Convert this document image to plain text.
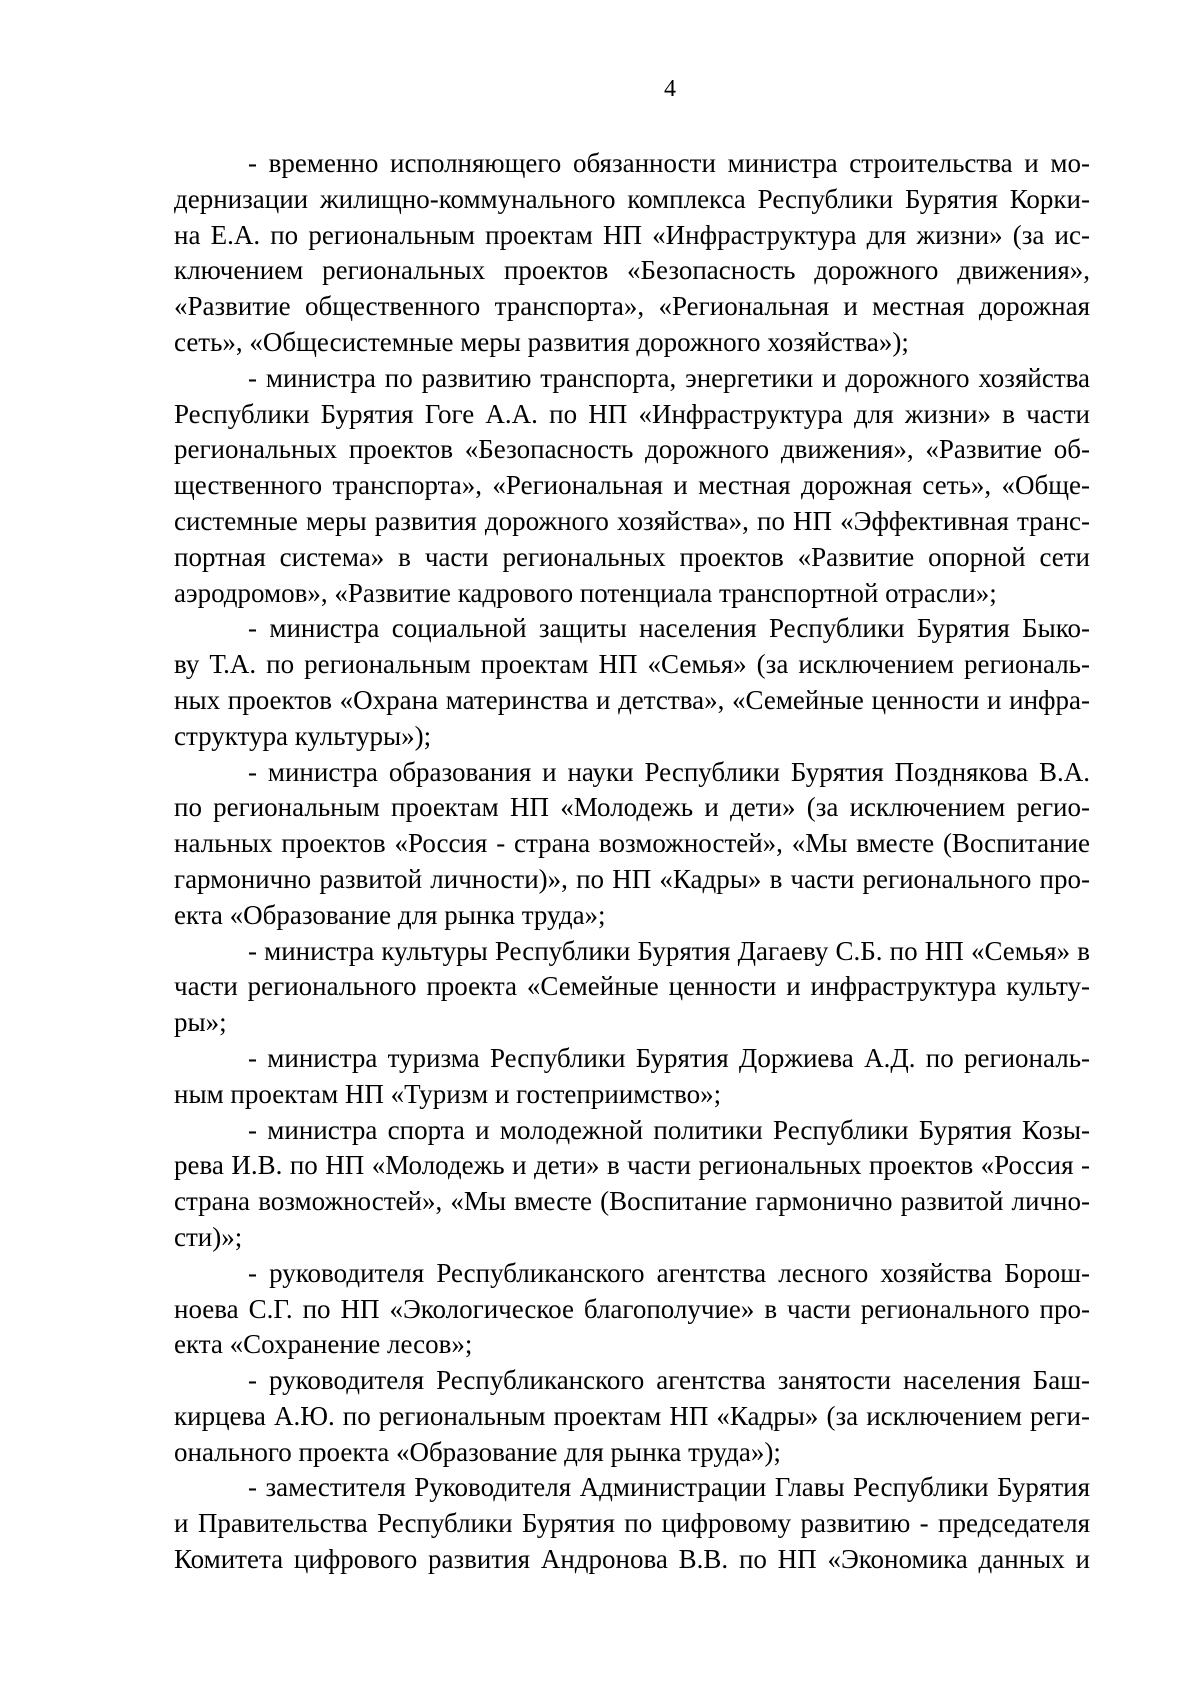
4
- временно исполняющего обязанности министра строительства и мо-
дернизации жилищно-коммунального комплекса Республики Бурятия Корки-
на Е.А. по региональным проектам НП «Инфраструктура для жизни» (за ис-
ключением региональных проектов «Безопасность дорожного движения»,
«Развитие общественного транспорта», «Региональная и местная дорожная
сеть», «Общесистемные меры развития дорожного хозяйства»);
- министра по развитию транспорта, энергетики и дорожного хозяйства
Республики Бурятия Гоге А.А. по НП «Инфраструктура для жизни» в части
региональных проектов «Безопасность дорожного движения», «Развитие об-
щественного транспорта», «Региональная и местная дорожная сеть», «Обще-
системные меры развития дорожного хозяйства», по НП «Эффективная транс-
портная система» в части региональных проектов «Развитие опорной сети
аэродромов», «Развитие кадрового потенциала транспортной отрасли»;
- министра социальной защиты населения Республики Бурятия Быко-
ву Т.А. по региональным проектам НП «Семья» (за исключением региональ-
ных проектов «Охрана материнства и детства», «Семейные ценности и инфра-
структура культуры»);
- министра образования и науки Республики Бурятия Позднякова В.А.
по региональным проектам НП «Молодежь и дети» (за исключением регио-
нальных проектов «Россия - страна возможностей», «Мы вместе (Воспитание
гармонично развитой личности)», по НП «Кадры» в части регионального про-
екта «Образование для рынка труда»;
- министра культуры Республики Бурятия Дагаеву С.Б. по НП «Семья» в
части регионального проекта «Семейные ценности и инфраструктура культу-
ры»;
- министра туризма Республики Бурятия Доржиева А.Д. по региональ-
ным проектам НП «Туризм и гостеприимство»;
- министра спорта и молодежной политики Республики Бурятия Козы-
рева И.В. по НП «Молодежь и дети» в части региональных проектов «Россия -
страна возможностей», «Мы вместе (Воспитание гармонично развитой лично-
сти)»;
- руководителя Республиканского агентства лесного хозяйства Борош-
ноева С.Г. по НП «Экологическое благополучие» в части регионального про-
екта «Сохранение лесов»;
- руководителя Республиканского агентства занятости населения Баш-
кирцева А.Ю. по региональным проектам НП «Кадры» (за исключением реги-
онального проекта «Образование для рынка труда»);
- заместителя Руководителя Администрации Главы Республики Бурятия
и Правительства Республики Бурятия по цифровому развитию - председателя
Комитета цифрового развития Андронова В.В. по НП «Экономика данных и
